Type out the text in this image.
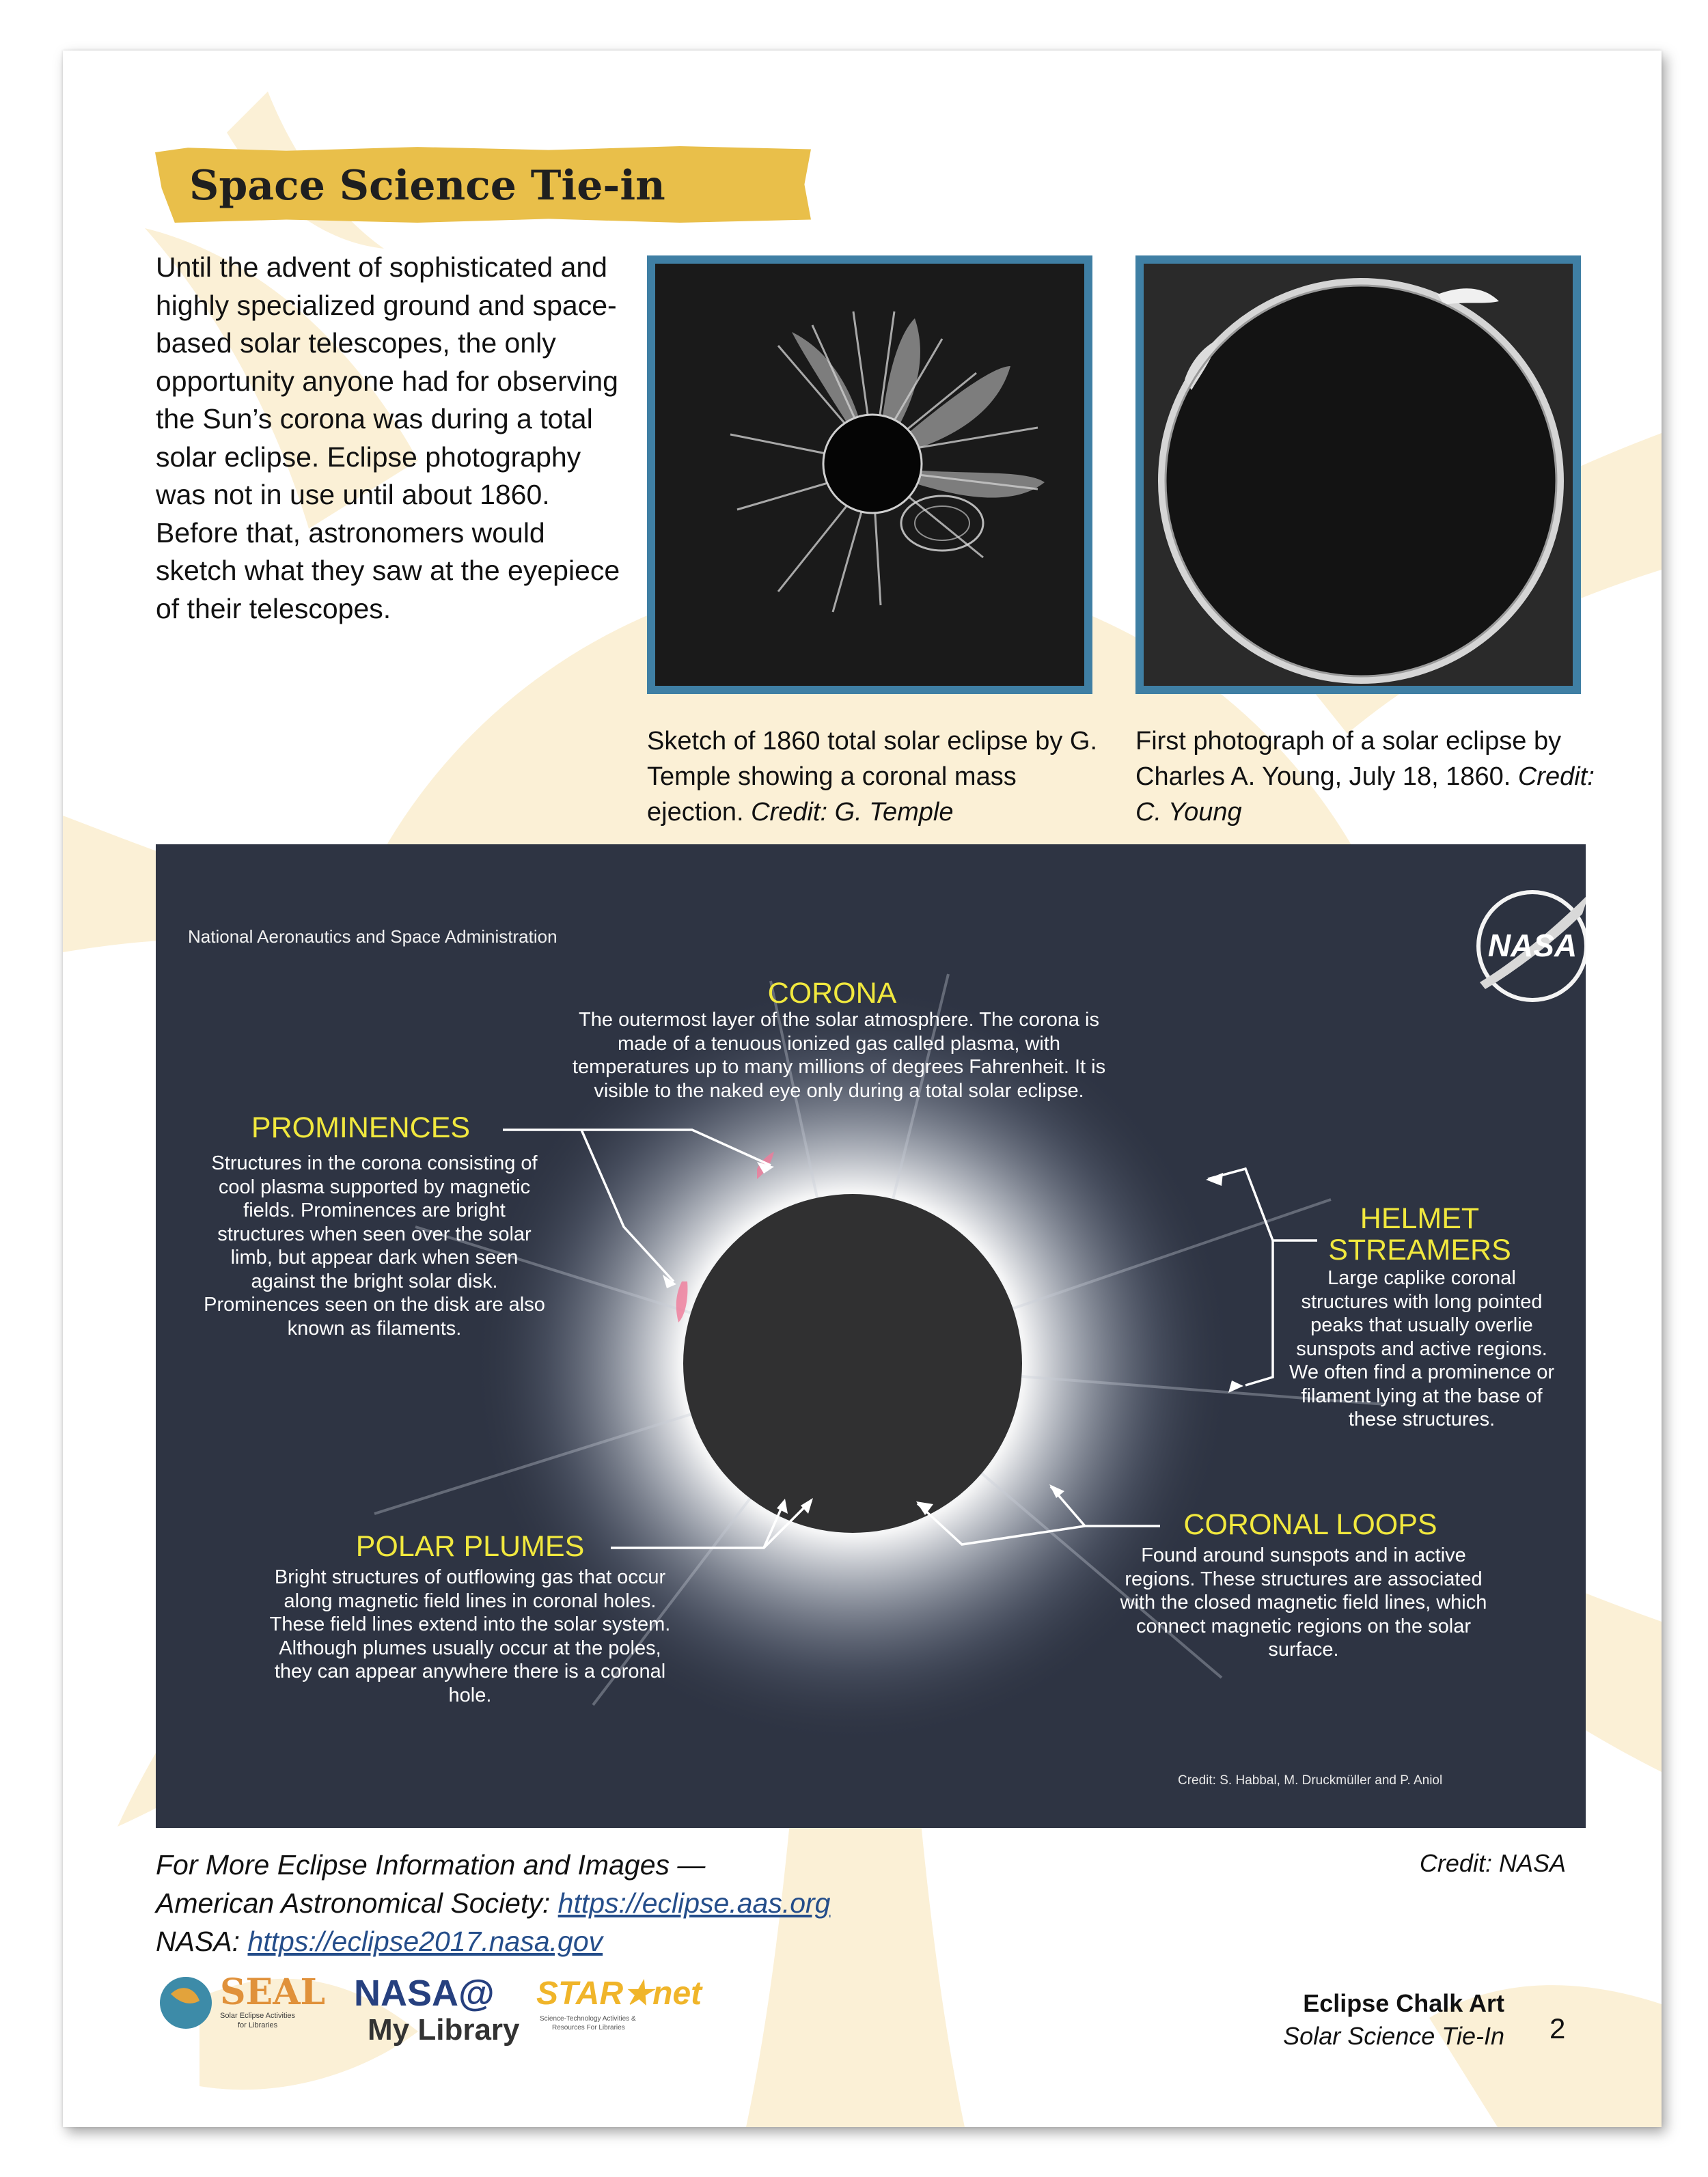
Space Science Tie-in

Until the advent of sophisticated and highly specialized ground and space-based solar telescopes, the only opportunity anyone had for observing the Sun’s corona was during a total solar eclipse. Eclipse photography was not in use until about 1860. Before that, astronomers would sketch what they saw at the eyepiece of their telescopes.

Sketch of 1860 total solar eclipse by G. Temple showing a coronal mass ejection. Credit: G. Temple

First photograph of a solar eclipse by Charles A. Young, July 18, 1860. Credit: C. Young

National Aeronautics and Space Administration	NASA

CORONA

The outermost layer of the solar atmosphere. The corona is made of a tenuous ionized gas called plasma, with temperatures up to many millions of degrees Fahrenheit. It is visible to the naked eye only during a total solar eclipse.

PROMINENCES

Structures in the corona consisting of cool plasma supported by magnetic fields. Prominences are bright structures when seen over the solar limb, but appear dark when seen against the bright solar disk. Prominences seen on the disk are also known as filaments.

HELMET STREAMERS

Large caplike coronal structures with long pointed peaks that usually overlie sunspots and active regions. We often find a prominence or filament lying at the base of these structures.

POLAR PLUMES

Bright structures of outflowing gas that occur along magnetic field lines in coronal holes. These field lines extend into the solar system. Although plumes usually occur at the poles, they can appear anywhere there is a coronal hole.

CORONAL LOOPS

Found around sunspots and in active regions. These structures are associated with the closed magnetic field lines, which connect magnetic regions on the solar surface.

Credit: S. Habbal, M. Druckmüller and P. Aniol

Credit: NASA
For More Eclipse Information and Images —
American Astronomical Society: https://eclipse.aas.org
NASA: https://eclipse2017.nasa.gov
SEAL
Solar Eclipse Activities
for Libraries
NASA@
My Library
STAR★net
Science-Technology Activities &
Resources For Libraries
Eclipse Chalk Art
Solar Science Tie-In 2
